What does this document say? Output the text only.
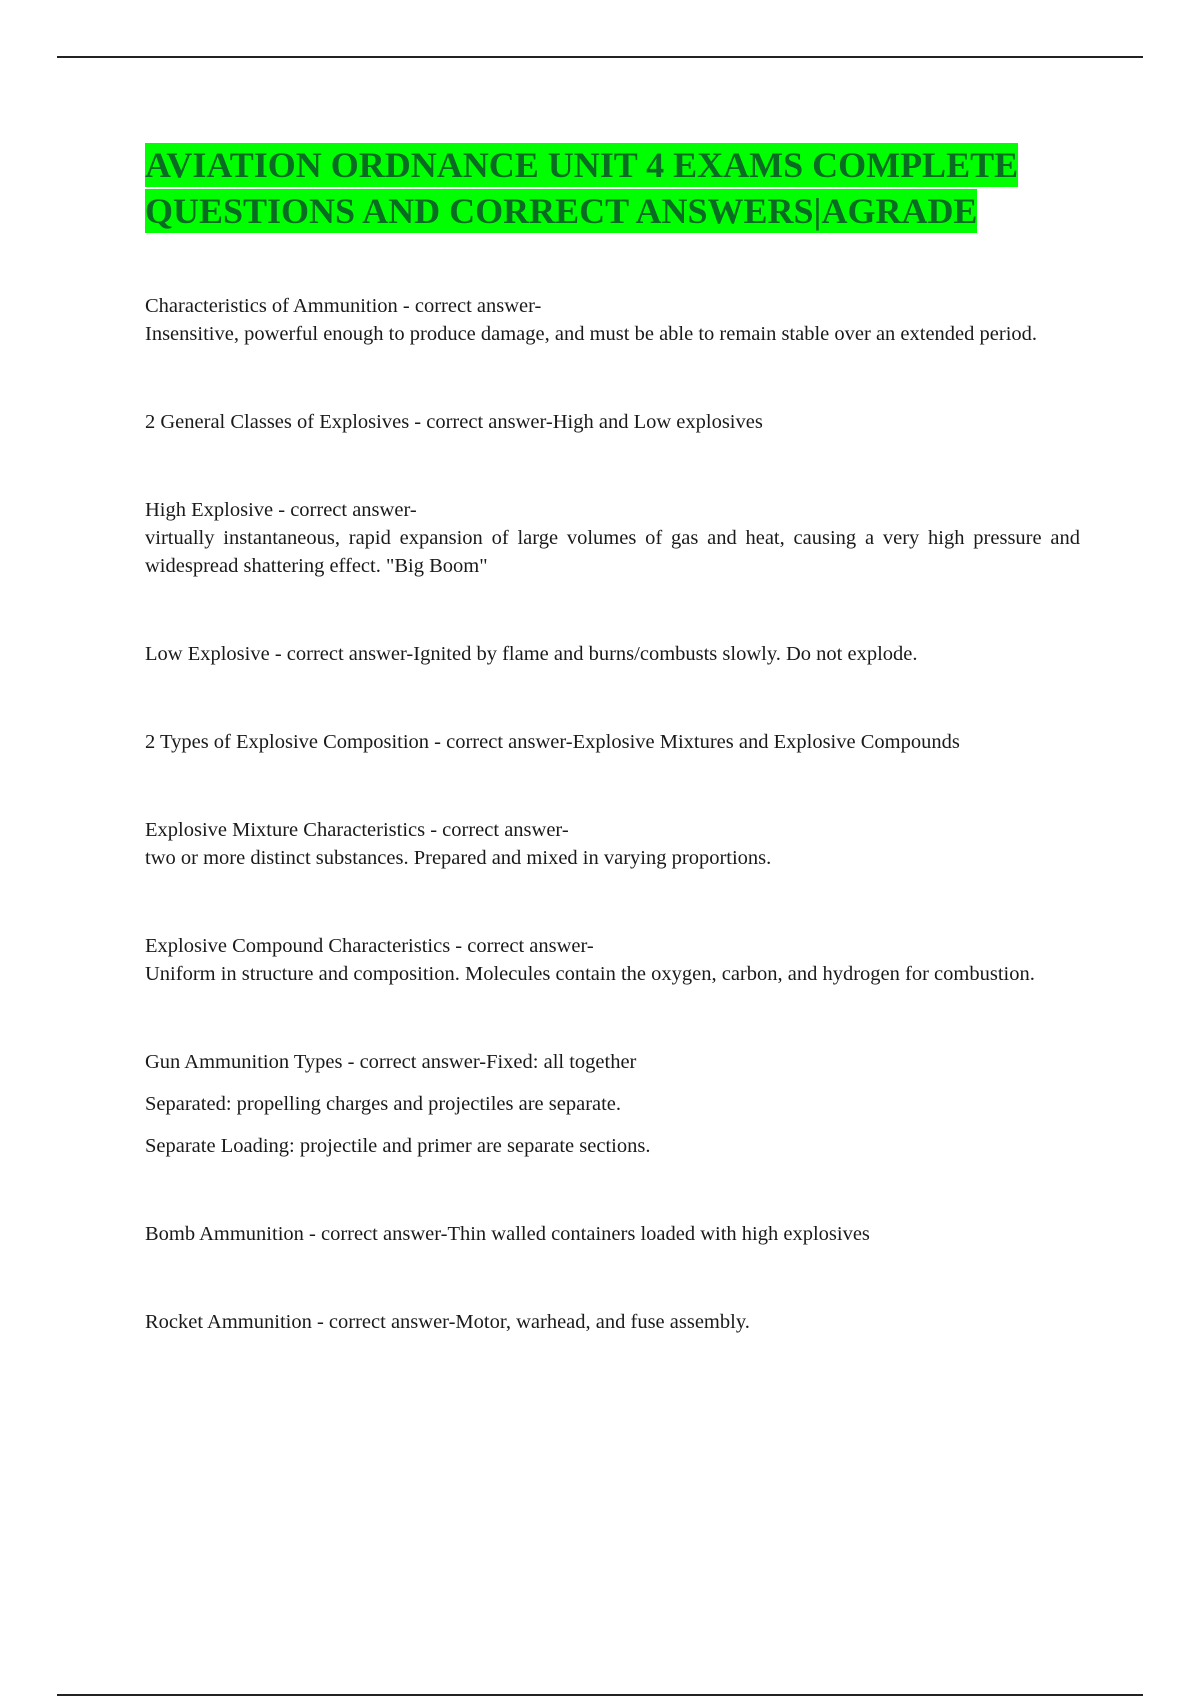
AVIATION ORDNANCE UNIT 4 EXAMS COMPLETE
QUESTIONS AND CORRECT ANSWERS|AGRADE

Characteristics of Ammunition - correct answer-

Insensitive, powerful enough to produce damage, and must be able to remain stable over an extended period.

2 General Classes of Explosives - correct answer-High and Low explosives

High Explosive - correct answer-

virtually instantaneous, rapid expansion of large volumes of gas and heat, causing a very high pressure and widespread shattering effect. "Big Boom"

Low Explosive - correct answer-Ignited by flame and burns/combusts slowly. Do not explode.

2 Types of Explosive Composition - correct answer-Explosive Mixtures and Explosive Compounds

Explosive Mixture Characteristics - correct answer-

two or more distinct substances. Prepared and mixed in varying proportions.

Explosive Compound Characteristics - correct answer-

Uniform in structure and composition. Molecules contain the oxygen, carbon, and hydrogen for combustion.

Gun Ammunition Types - correct answer-Fixed: all together

Separated: propelling charges and projectiles are separate.

Separate Loading: projectile and primer are separate sections.

Bomb Ammunition - correct answer-Thin walled containers loaded with high explosives

Rocket Ammunition - correct answer-Motor, warhead, and fuse assembly.
